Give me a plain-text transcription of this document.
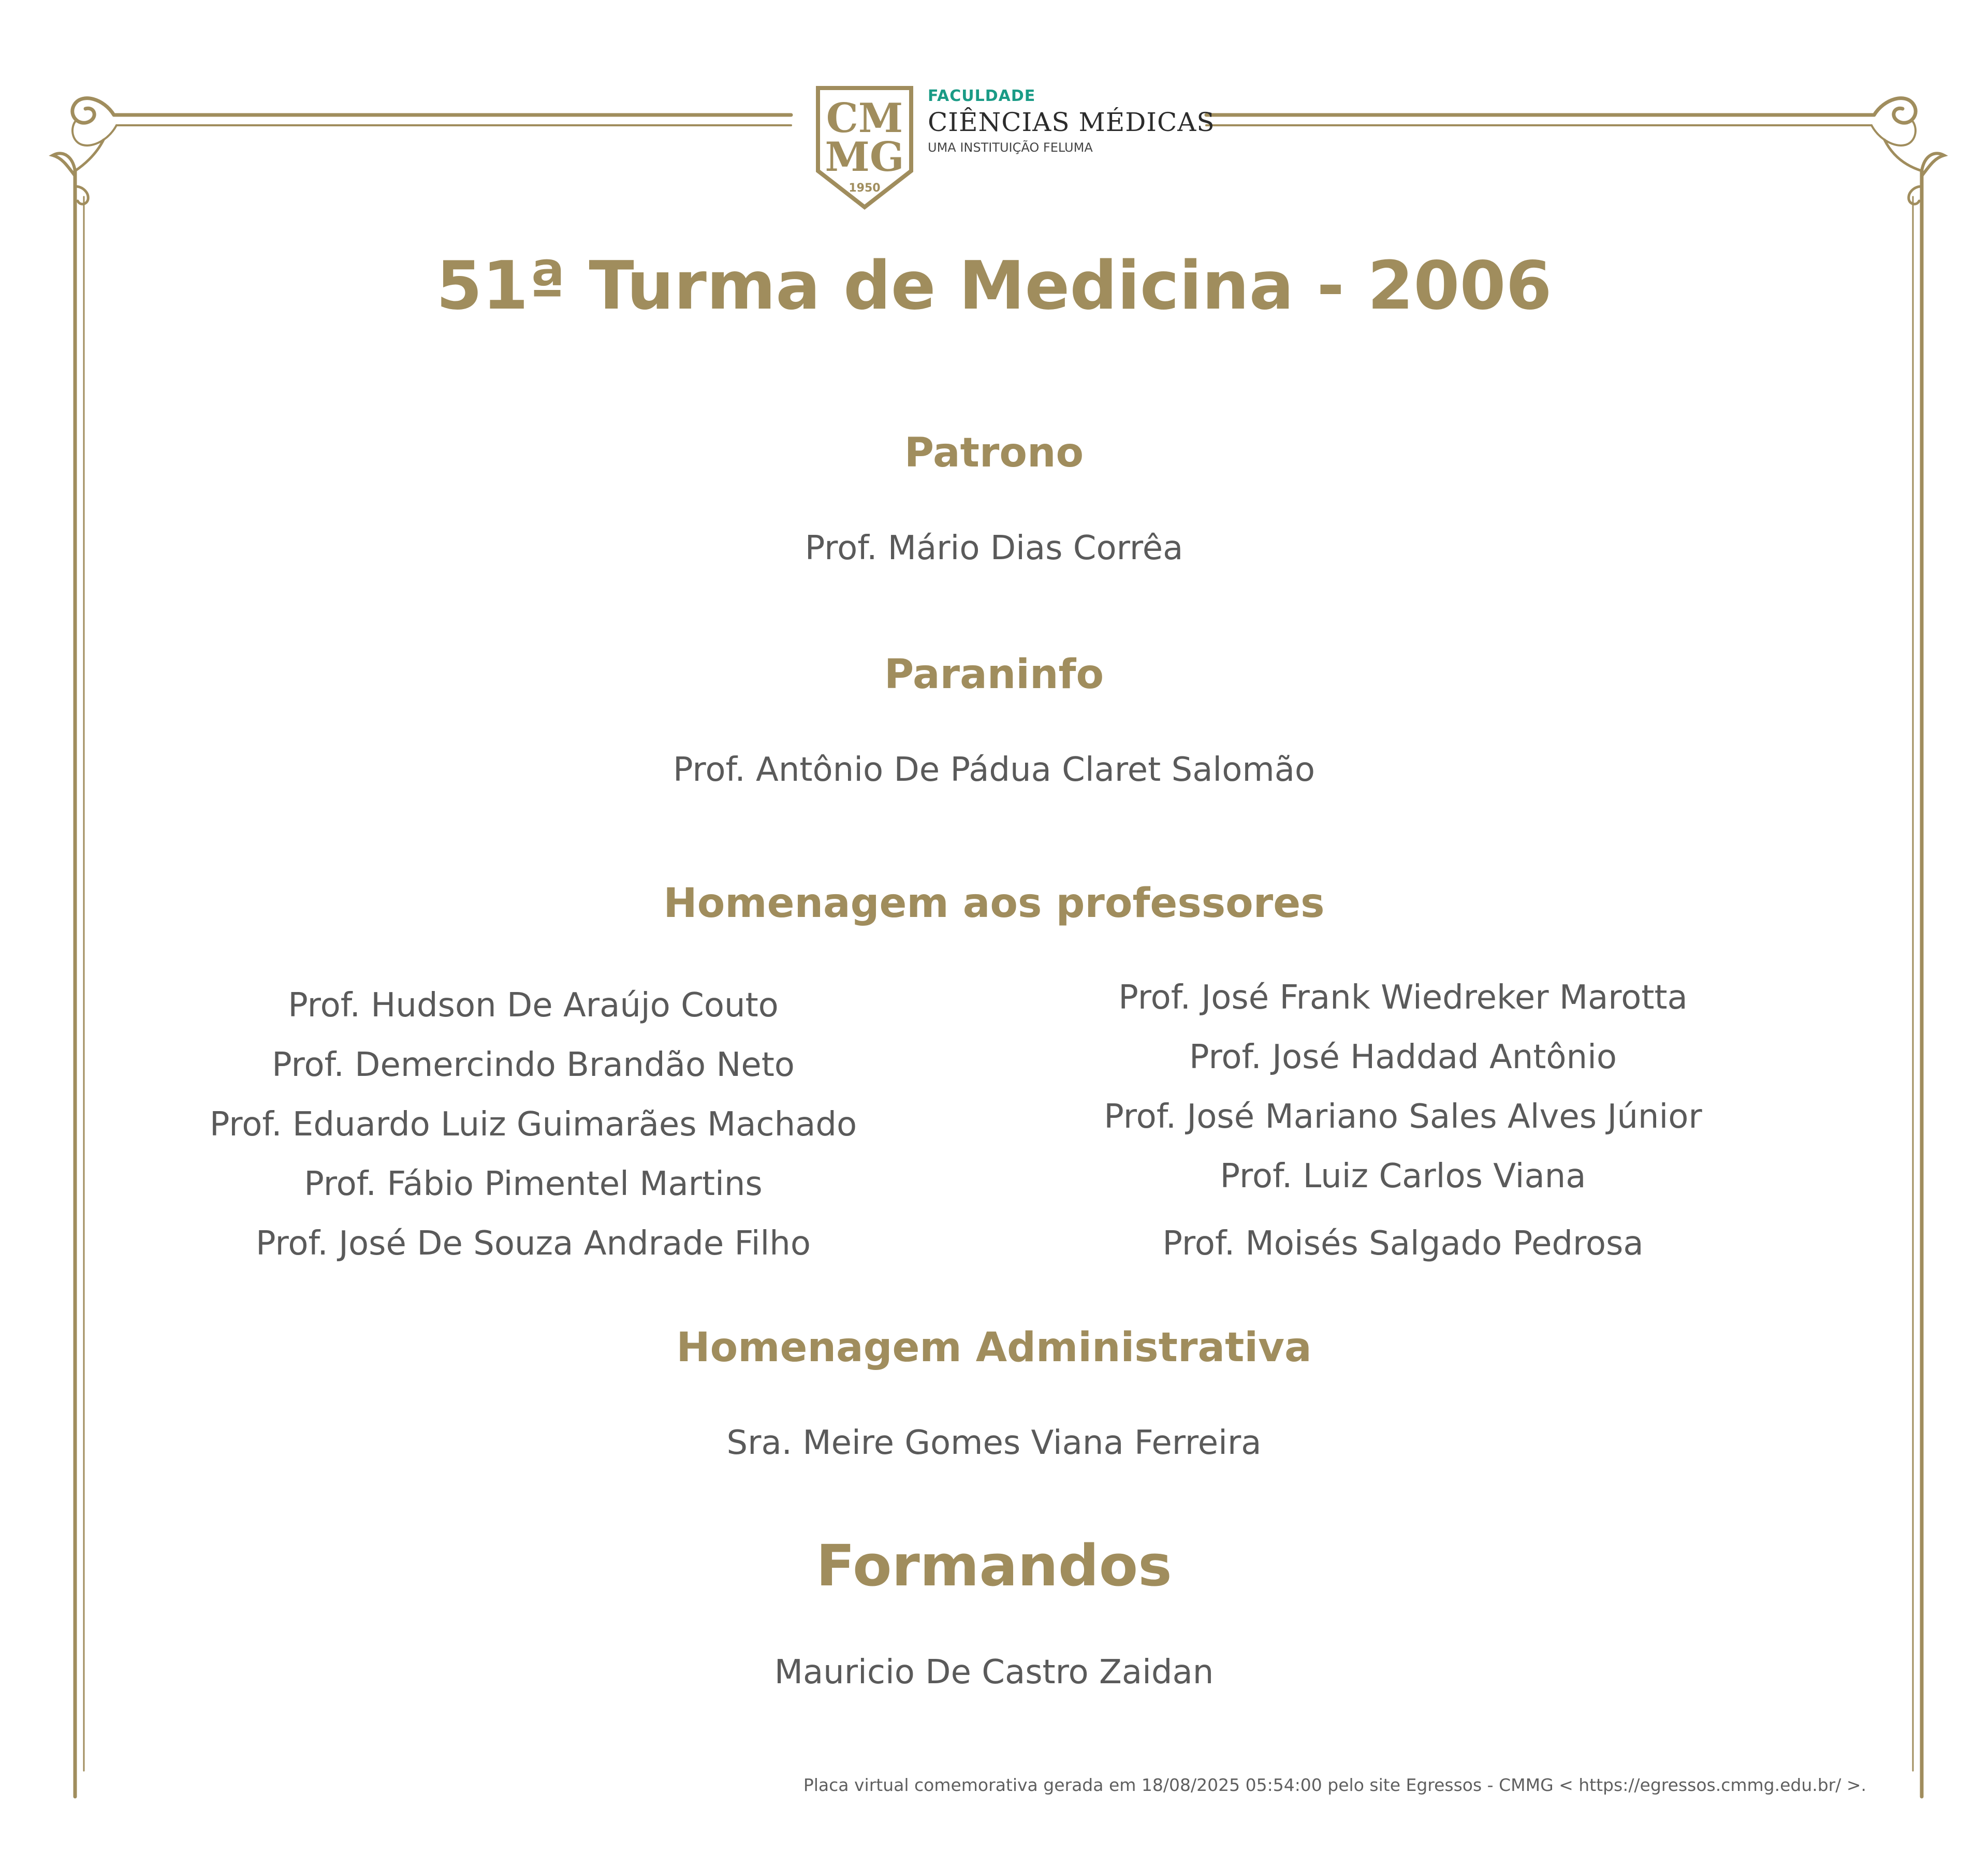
CM
MG
1950
FACULDADE
CIÊNCIAS MÉDICAS
UMA INSTITUIÇÃO FELUMA
51ª Turma de Medicina - 2006
Patrono
Prof. Mário Dias Corrêa
Paraninfo
Prof. Antônio De Pádua Claret Salomão
Homenagem aos professores
Prof. Hudson De Araújo Couto
Prof. Demercindo Brandão Neto
Prof. Eduardo Luiz Guimarães Machado
Prof. Fábio Pimentel Martins
Prof. José De Souza Andrade Filho
Prof. José Frank Wiedreker Marotta
Prof. José Haddad Antônio
Prof. José Mariano Sales Alves Júnior
Prof. Luiz Carlos Viana
Prof. Moisés Salgado Pedrosa
Homenagem Administrativa
Sra. Meire Gomes Viana Ferreira
Formandos
Mauricio De Castro Zaidan
Placa virtual comemorativa gerada em 18/08/2025 05:54:00 pelo site Egressos - CMMG < https://egressos.cmmg.edu.br/ >.
